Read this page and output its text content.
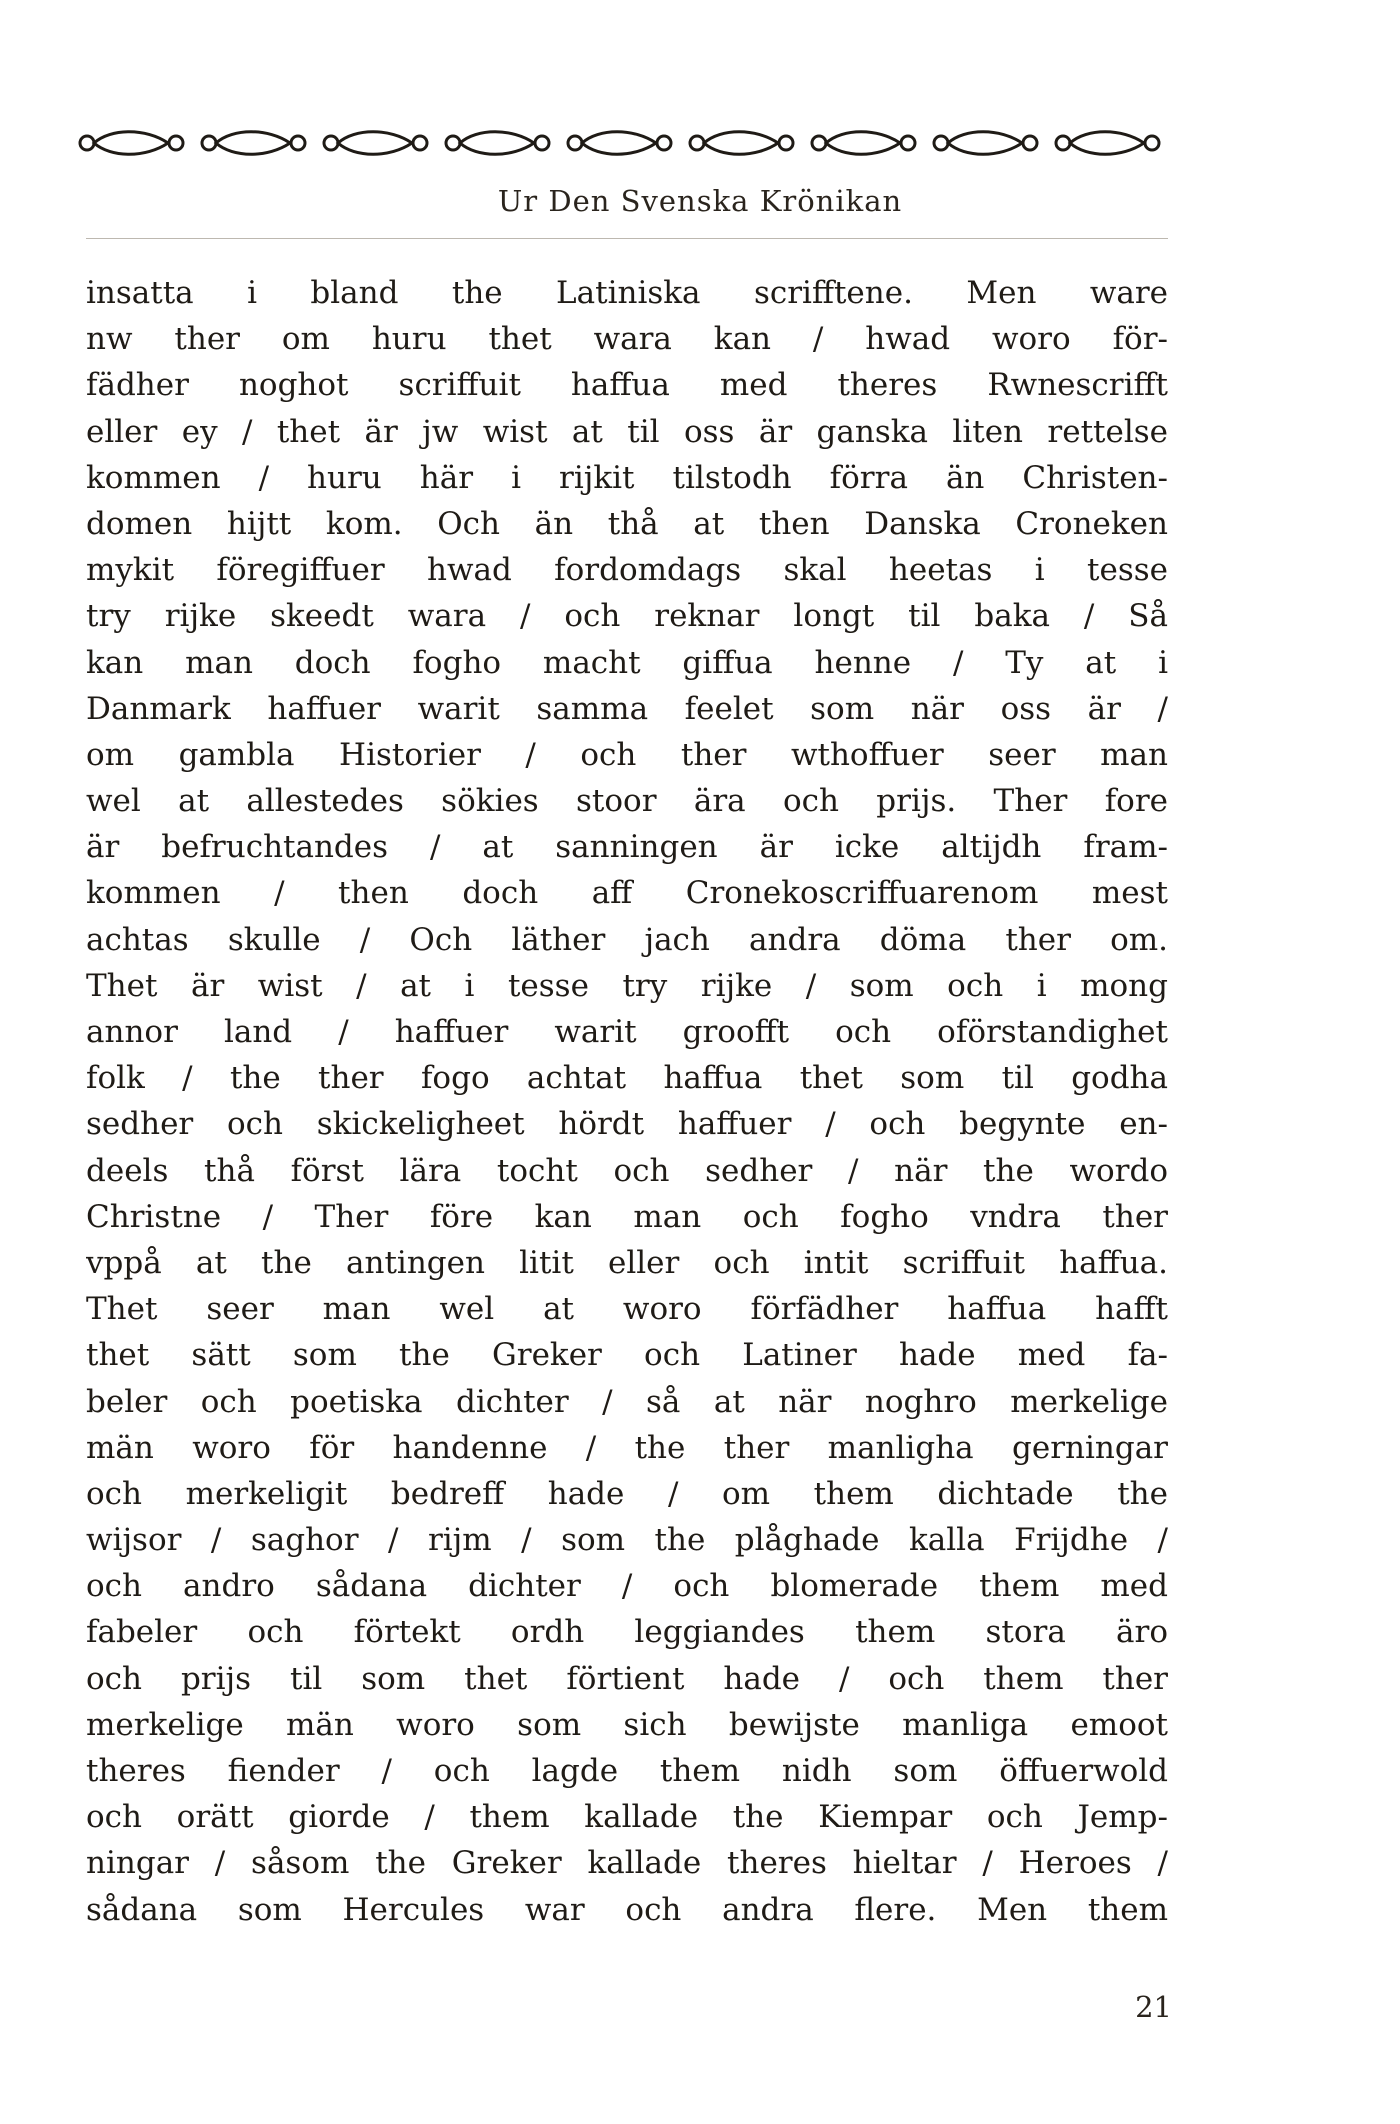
Ur Den Svenska Krönikan
insatta i bland the Latiniska scrifftene. Men ware
nw ther om huru thet wara kan / hwad woro för-
fädher noghot scriffuit haffua med theres Rwnescrifft
eller ey / thet är jw wist at til oss är ganska liten rettelse
kommen / huru här i rijkit tilstodh förra än Christen-
domen hijtt kom. Och än thå at then Danska Croneken
mykit föregiffuer hwad fordomdags skal heetas i tesse
try rijke skeedt wara / och reknar longt til baka / Så
kan man doch fogho macht giffua henne / Ty at i
Danmark haffuer warit samma feelet som när oss är /
om gambla Historier / och ther wthoffuer seer man
wel at allestedes sökies stoor ära och prijs. Ther fore
är befruchtandes / at sanningen är icke altijdh fram-
kommen / then doch aff Cronekoscriffuarenom mest
achtas skulle / Och läther jach andra döma ther om.
Thet är wist / at i tesse try rijke / som och i mong
annor land / haffuer warit groofft och oförstandighet
folk / the ther fogo achtat haffua thet som til godha
sedher och skickeligheet hördt haffuer / och begynte en-
deels thå först lära tocht och sedher / när the wordo
Christne / Ther före kan man och fogho vndra ther
vppå at the antingen litit eller och intit scriffuit haffua.
Thet seer man wel at woro förfädher haffua hafft
thet sätt som the Greker och Latiner hade med fa-
beler och poetiska dichter / så at när noghro merkelige
män woro för handenne / the ther manligha gerningar
och merkeligit bedreff hade / om them dichtade the
wijsor / saghor / rijm / som the plåghade kalla Frijdhe /
och andro sådana dichter / och blomerade them med
fabeler och förtekt ordh leggiandes them stora äro
och prijs til som thet förtient hade / och them ther
merkelige män woro som sich bewijste manliga emoot
theres fiender / och lagde them nidh som öffuerwold
och orätt giorde / them kallade the Kiempar och Jemp-
ningar / såsom the Greker kallade theres hieltar / Heroes /
sådana som Hercules war och andra flere. Men them
21
